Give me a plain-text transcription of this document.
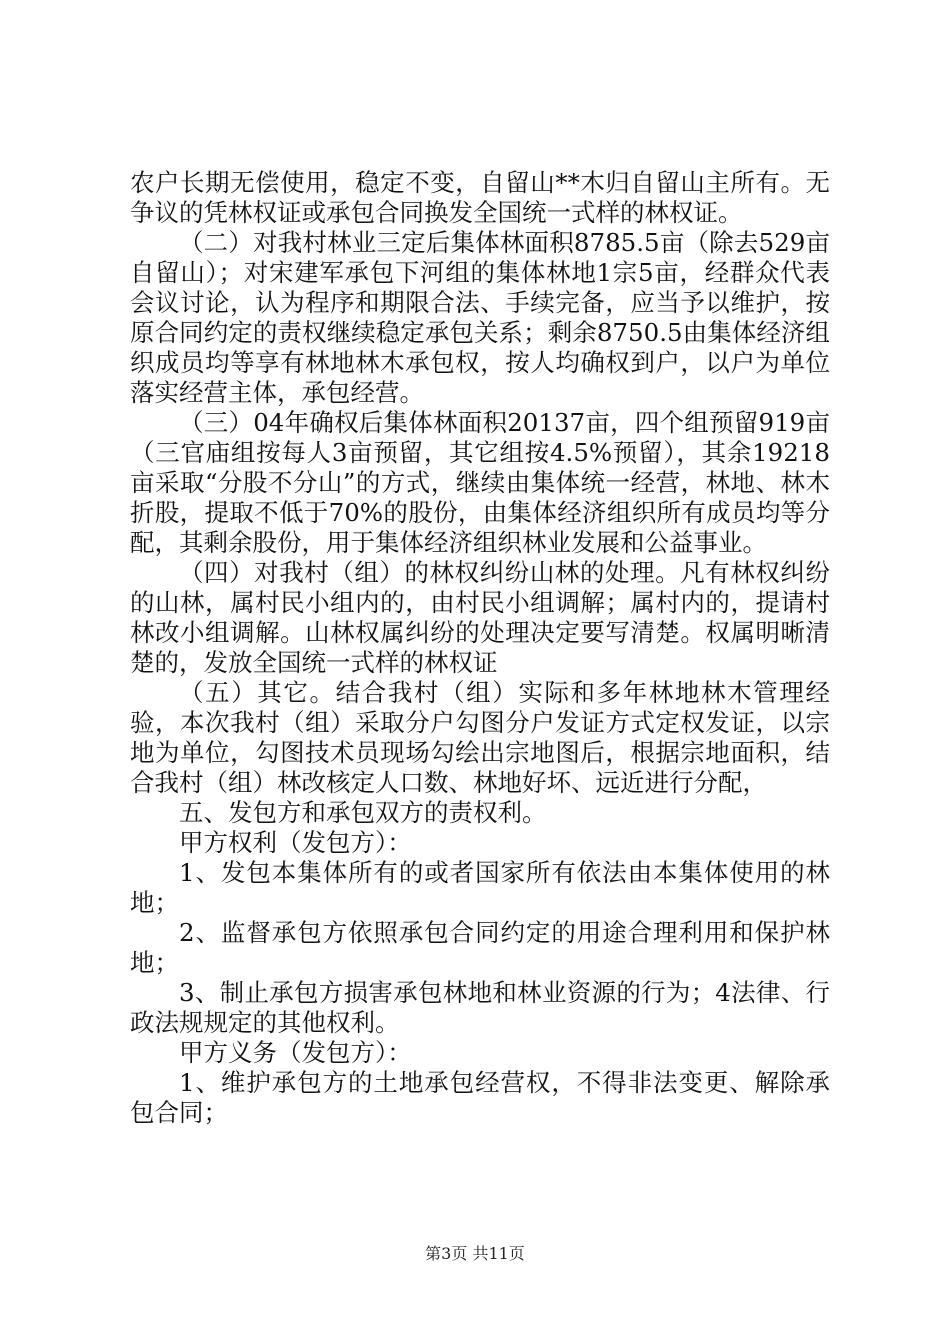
农户长期无偿使用，稳定不变，自留山**木归自留山主所有。无争议的凭林权证或承包合同换发全国统一式样的林权证。

（二）对我村林业三定后集体林面积8785.5亩（除去529亩自留山）；对宋建军承包下河组的集体林地1宗5亩，经群众代表会议讨论，认为程序和期限合法、手续完备，应当予以维护，按原合同约定的责权继续稳定承包关系；剩余8750.5由集体经济组织成员均等享有林地林木承包权，按人均确权到户，以户为单位落实经营主体，承包经营。

（三）04年确权后集体林面积20137亩，四个组预留919亩（三官庙组按每人3亩预留，其它组按4.5%预留），其余19218亩采取“分股不分山”的方式，继续由集体统一经营，林地、林木折股，提取不低于70%的股份，由集体经济组织所有成员均等分配，其剩余股份，用于集体经济组织林业发展和公益事业。

（四）对我村（组）的林权纠纷山林的处理。凡有林权纠纷的山林，属村民小组内的，由村民小组调解；属村内的，提请村林改小组调解。山林权属纠纷的处理决定要写清楚。权属明晰清楚的，发放全国统一式样的林权证

（五）其它。结合我村（组）实际和多年林地林木管理经验，本次我村（组）采取分户勾图分户发证方式定权发证，以宗地为单位，勾图技术员现场勾绘出宗地图后，根据宗地面积，结合我村（组）林改核定人口数、林地好坏、远近进行分配，

五、发包方和承包双方的责权利。

甲方权利（发包方）：

1、发包本集体所有的或者国家所有依法由本集体使用的林地；

2、监督承包方依照承包合同约定的用途合理利用和保护林地；

3、制止承包方损害承包林地和林业资源的行为；4法律、行政法规规定的其他权利。

甲方义务（发包方）：

1、维护承包方的土地承包经营权，不得非法变更、解除承包合同；

第3页 共11页
